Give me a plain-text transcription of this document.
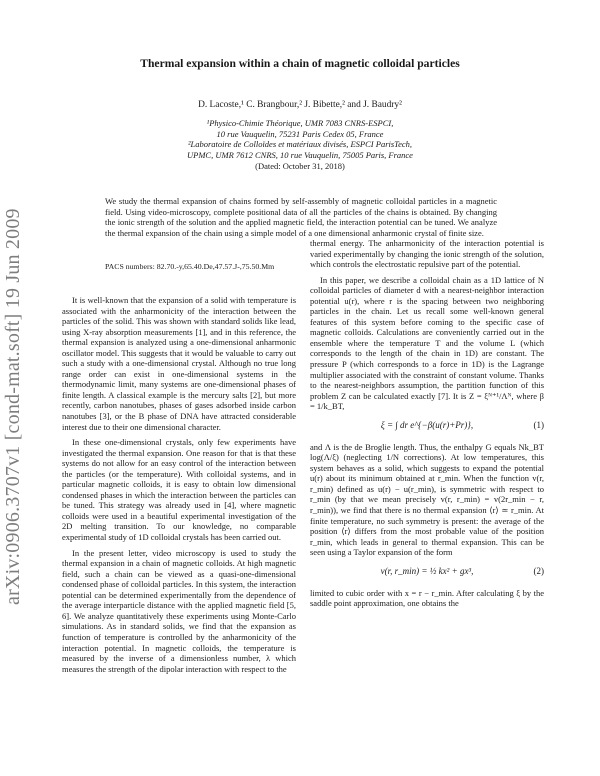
arXiv:0906.3707v1 [cond-mat.soft] 19 Jun 2009
Thermal expansion within a chain of magnetic colloidal particles
D. Lacoste,¹ C. Brangbour,² J. Bibette,² and J. Baudry²
¹Physico-Chimie Théorique, UMR 7083 CNRS-ESPCI,
10 rue Vauquelin, 75231 Paris Cedex 05, France
²Laboratoire de Colloïdes et matériaux divisés, ESPCI ParisTech,
UPMC, UMR 7612 CNRS, 10 rue Vauquelin, 75005 Paris, France
(Dated: October 31, 2018)
We study the thermal expansion of chains formed by self-assembly of magnetic colloidal particles in a magnetic field. Using video-microscopy, complete positional data of all the particles of the chains is obtained. By changing the ionic strength of the solution and the applied magnetic field, the interaction potential can be tuned. We analyze the thermal expansion of the chain using a simple model of a one dimensional anharmonic crystal of finite size.
PACS numbers: 82.70.-y,65.40.De,47.57.J-,75.50.Mm

It is well-known that the expansion of a solid with temperature is associated with the anharmonicity of the interaction between the particles of the solid. This was shown with standard solids like lead, using X-ray absorption measurements [1], and in this reference, the thermal expansion is analyzed using a one-dimensional anharmonic oscillator model. This suggests that it would be valuable to carry out such a study with a one-dimensional crystal. Although no true long range order can exist in one-dimensional systems in the thermodynamic limit, many systems are one-dimensional phases of finite length. A classical example is the mercury salts [2], but more recently, carbon nanotubes, phases of gases adsorbed inside carbon nanotubes [3], or the B phase of DNA have attracted considerable interest due to their one dimensional character.

In these one-dimensional crystals, only few experiments have investigated the thermal expansion. One reason for that is that these systems do not allow for an easy control of the interaction between the particles (or the temperature). With colloidal systems, and in particular magnetic colloids, it is easy to obtain low dimensional condensed phases in which the interaction between the particles can be tuned. This strategy was already used in [4], where magnetic colloids were used in a beautiful experimental investigation of the 2D melting transition. To our knowledge, no comparable experimental study of 1D colloidal crystals has been carried out.

In the present letter, video microscopy is used to study the thermal expansion in a chain of magnetic colloids. At high magnetic field, such a chain can be viewed as a quasi-one-dimensional condensed phase of colloidal particles. In this system, the interaction potential can be determined experimentally from the dependence of the average interparticle distance with the applied magnetic field [5, 6]. We analyze quantitatively these experiments using Monte-Carlo simulations. As in standard solids, we find that the expansion as function of temperature is controlled by the anharmonicity of the interaction potential. In magnetic colloids, the temperature is measured by the inverse of a dimensionless number, λ which measures the strength of the dipolar interaction with respect to the

thermal energy. The anharmonicity of the interaction potential is varied experimentally by changing the ionic strength of the solution, which controls the electrostatic repulsive part of the potential.

In this paper, we describe a colloidal chain as a 1D lattice of N colloidal particles of diameter d with a nearest-neighbor interaction potential u(r), where r is the spacing between two neighboring particles in the chain. Let us recall some well-known general features of this system before coming to the specific case of magnetic colloids. Calculations are conveniently carried out in the ensemble where the temperature T and the volume L (which corresponds to the length of the chain in 1D) are constant. The pressure P (which corresponds to a force in 1D) is the Lagrange multiplier associated with the constraint of constant volume. Thanks to the nearest-neighbors assumption, the partition function of this problem Z can be calculated exactly [7]. It is Z = ξᴺ⁺¹/Λᴺ, where β = 1/k_BT,

ξ = ∫ dr e^{−β(u(r)+Pr)},	(1)

and Λ is the de Broglie length. Thus, the enthalpy G equals Nk_BT log(Λ/ξ) (neglecting 1/N corrections). At low temperatures, this system behaves as a solid, which suggests to expand the potential u(r) about its minimum obtained at r_min. When the function v(r, r_min) defined as u(r) − u(r_min), is symmetric with respect to r_min (by that we mean precisely v(r, r_min) = v(2r_min − r, r_min)), we find that there is no thermal expansion ⟨r⟩ ≃ r_min. At finite temperature, no such symmetry is present: the average of the position ⟨r⟩ differs from the most probable value of the position r_min, which leads in general to thermal expansion. This can be seen using a Taylor expansion of the form

v(r, r_min) = ½ kx² + gx³,	(2)

limited to cubic order with x = r − r_min. After calculating ξ by the saddle point approximation, one obtains the
